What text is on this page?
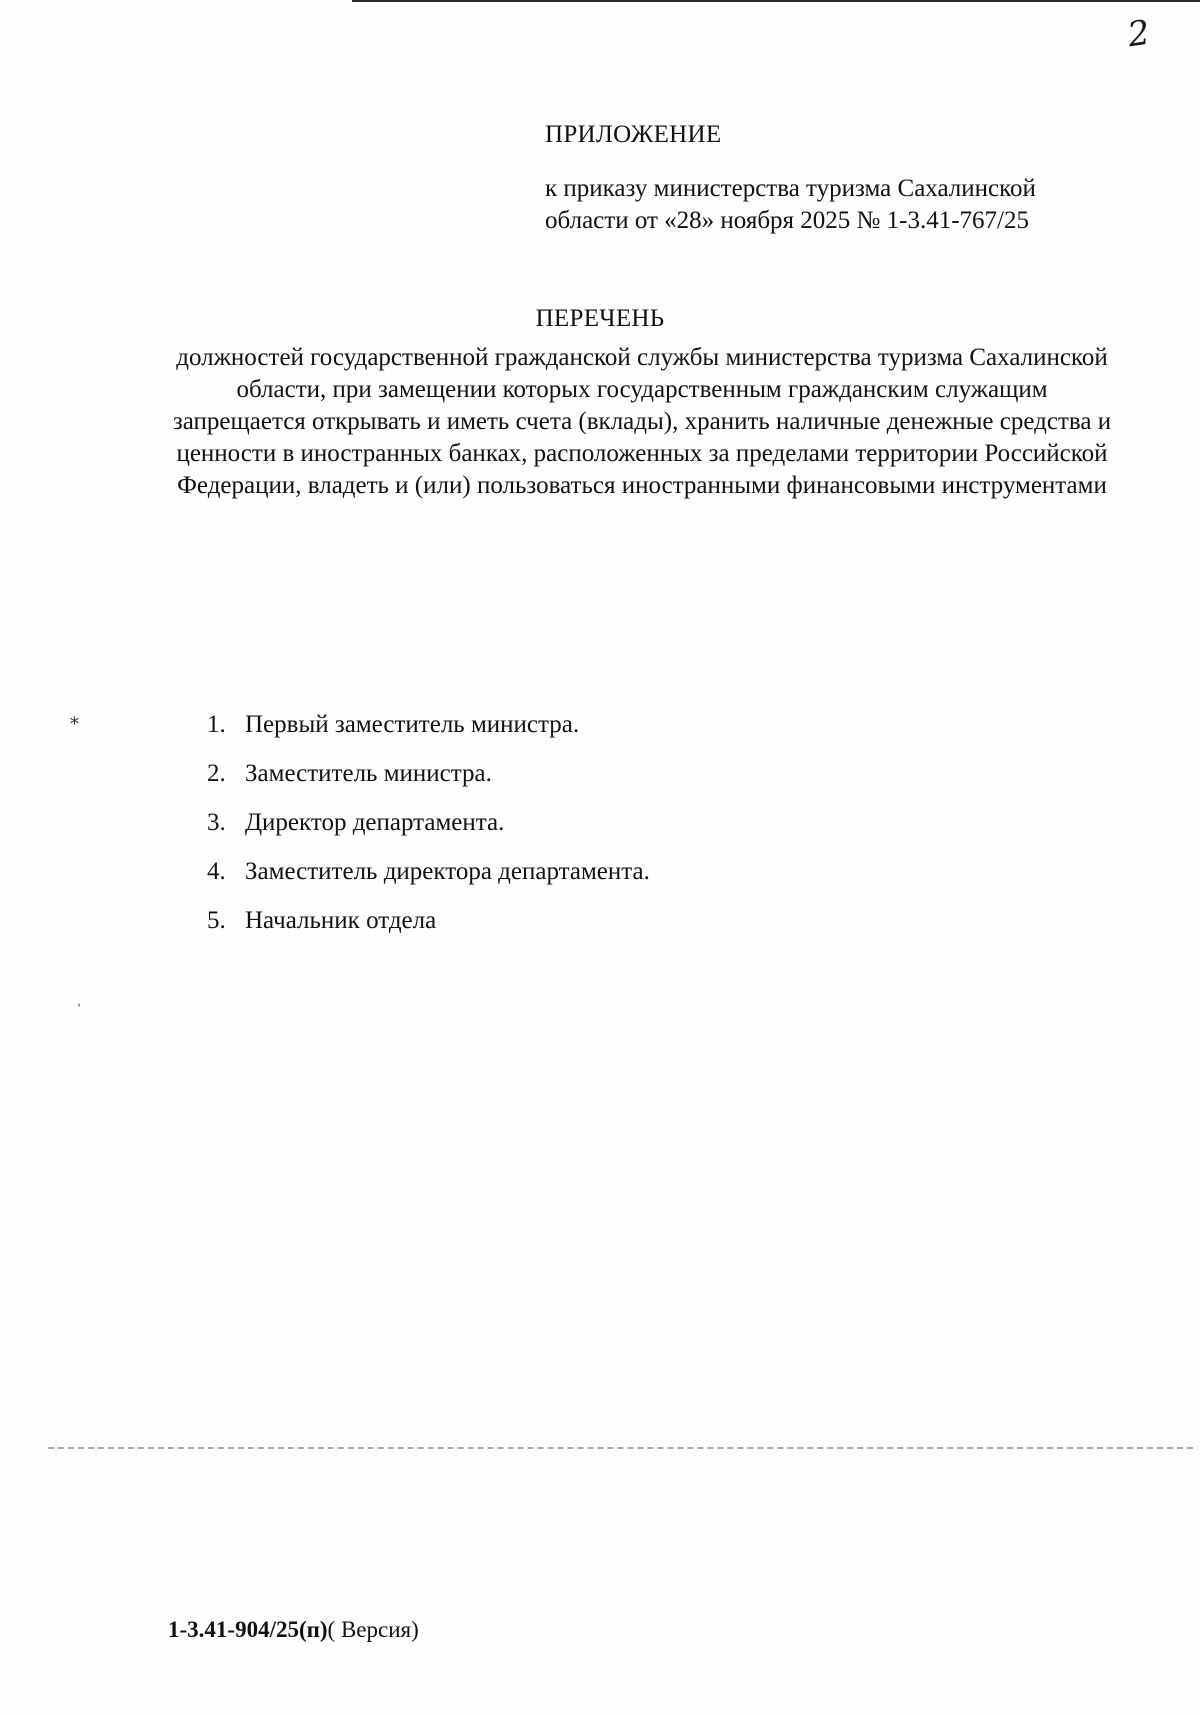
2
ПРИЛОЖЕНИЕ
к приказу министерства туризма Сахалинской области от «28» ноября 2025 № 1-3.41-767/25
ПЕРЕЧЕНЬ
должностей государственной гражданской службы министерства туризма Сахалинской области, при замещении которых государственным гражданским служащим запрещается открывать и иметь счета (вклады), хранить наличные денежные средства и ценности в иностранных банках, расположенных за пределами территории Российской Федерации, владеть и (или) пользоваться иностранными финансовыми инструментами
1. Первый заместитель министра.
2. Заместитель министра.
3. Директор департамента.
4. Заместитель директора департамента.
5. Начальник отдела
⁎
ˈ
1-3.41-904/25(п)( Версия)
